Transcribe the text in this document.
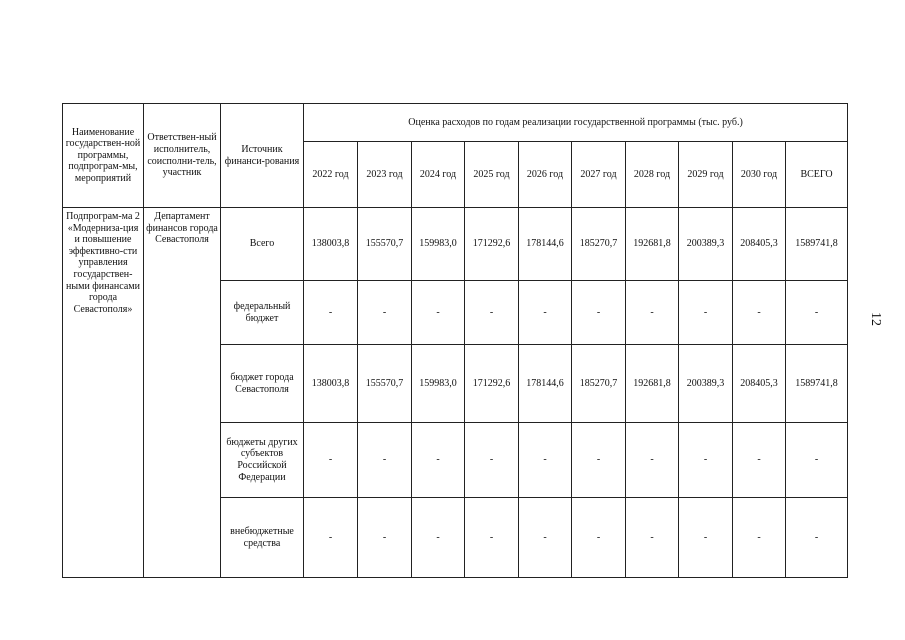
Наименование государствен-ной программы, подпрограм-мы, мероприятий	Ответствен-ный исполнитель, соисполни-тель, участник	Источник финанси-рования	Оценка расходов по годам реализации государственной программы (тыс. руб.)									
			2022 год	2023 год	2024 год	2025 год	2026 год	2027 год	2028 год	2029 год	2030 год	ВСЕГО
Подпрограм-ма 2 «Модерниза-ция и повышение эффективно-сти управления государствен-ными финансами города Севастополя»	Департамент финансов города Севастополя	Всего	138003,8	155570,7	159983,0	171292,6	178144,6	185270,7	192681,8	200389,3	208405,3	1589741,8
		федеральный бюджет	-	-	-	-	-	-	-	-	-	-
		бюджет города Севастополя	138003,8	155570,7	159983,0	171292,6	178144,6	185270,7	192681,8	200389,3	208405,3	1589741,8
		бюджеты других субъектов Российской Федерации	-	-	-	-	-	-	-	-	-	-
		внебюджетные средства	-	-	-	-	-	-	-	-	-	-
12
